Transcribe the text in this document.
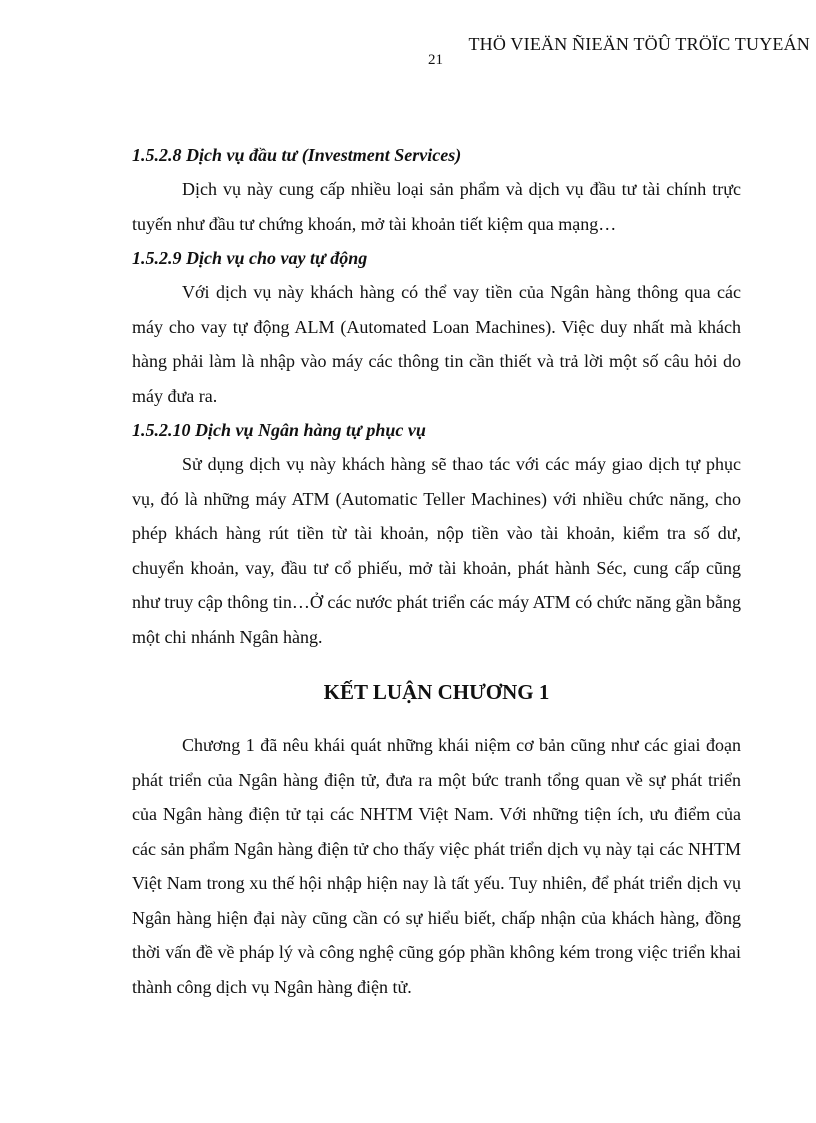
THÖ VIEÄN ÑIEÄN TÖÛ TRÖÏC TUYEÁN
21

1.5.2.8 Dịch vụ đầu tư (Investment Services)

Dịch vụ này cung cấp nhiều loại sản phẩm và dịch vụ đầu tư tài chính trực tuyến như đầu tư chứng khoán, mở tài khoản tiết kiệm qua mạng…

1.5.2.9 Dịch vụ cho vay tự động

Với dịch vụ này khách hàng có thể vay tiền của Ngân hàng thông qua các máy cho vay tự động ALM (Automated Loan Machines). Việc duy nhất mà khách hàng phải làm là nhập vào máy các thông tin cần thiết và trả lời một số câu hỏi do máy đưa ra.

1.5.2.10 Dịch vụ Ngân hàng tự phục vụ

Sử dụng dịch vụ này khách hàng sẽ thao tác với các máy giao dịch tự phục vụ, đó là những máy ATM (Automatic Teller Machines) với nhiều chức năng, cho phép khách hàng rút tiền từ tài khoản, nộp tiền vào tài khoản, kiểm tra số dư, chuyển khoản, vay, đầu tư cổ phiếu, mở tài khoản, phát hành Séc, cung cấp cũng như truy cập thông tin…Ở các nước phát triển các máy ATM có chức năng gần bằng một chi nhánh Ngân hàng.

KẾT LUẬN CHƯƠNG 1

Chương 1 đã nêu khái quát những khái niệm cơ bản cũng như các giai đoạn phát triển của Ngân hàng điện tử, đưa ra một bức tranh tổng quan về sự phát triển của Ngân hàng điện tử tại các NHTM Việt Nam. Với những tiện ích, ưu điểm của các sản phẩm Ngân hàng điện tử cho thấy việc phát triển dịch vụ này tại các NHTM Việt Nam trong xu thế hội nhập hiện nay là tất yếu. Tuy nhiên, để phát triển dịch vụ Ngân hàng hiện đại này cũng cần có sự hiểu biết, chấp nhận của khách hàng, đồng thời vấn đề về pháp lý và công nghệ cũng góp phần không kém trong việc triển khai thành công dịch vụ Ngân hàng điện tử.
